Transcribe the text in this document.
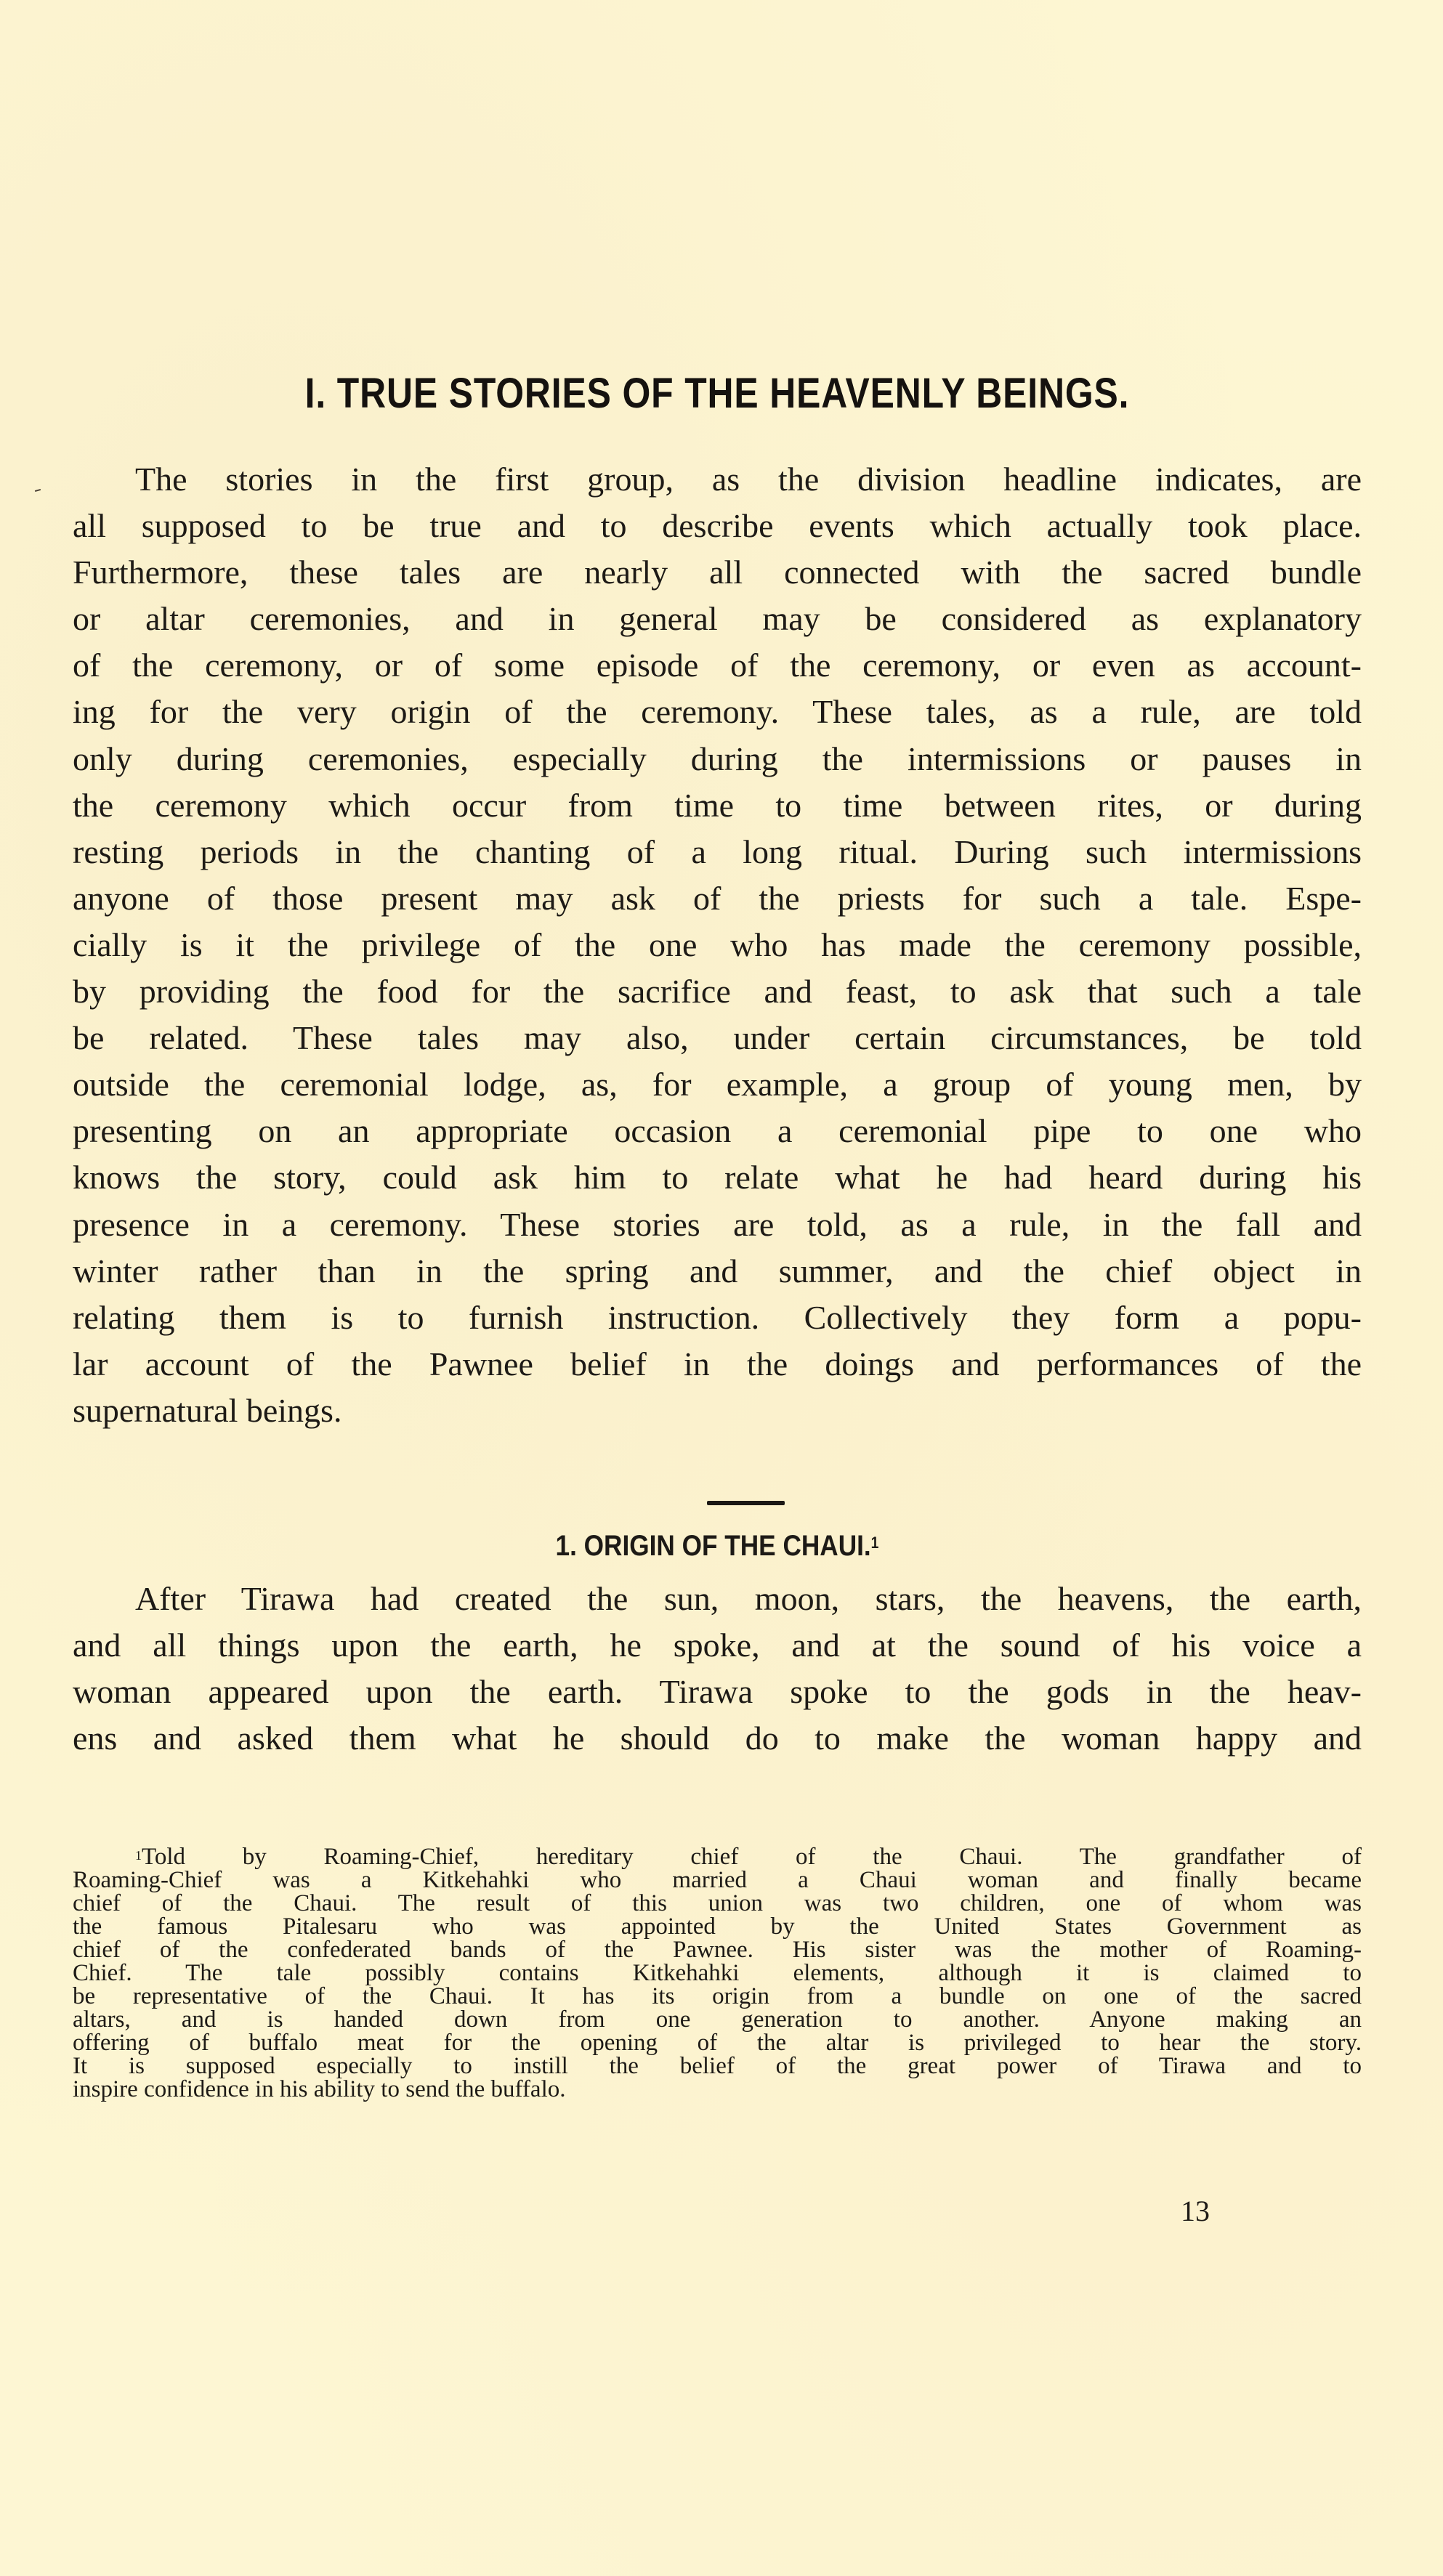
I. TRUE STORIES OF THE HEAVENLY BEINGS.
The stories in the first group, as the division headline indicates, are
all supposed to be true and to describe events which actually took place.
Furthermore, these tales are nearly all connected with the sacred bundle
or altar ceremonies, and in general may be considered as explanatory
of the ceremony, or of some episode of the ceremony, or even as account-
ing for the very origin of the ceremony. These tales, as a rule, are told
only during ceremonies, especially during the intermissions or pauses in
the ceremony which occur from time to time between rites, or during
resting periods in the chanting of a long ritual. During such intermissions
anyone of those present may ask of the priests for such a tale. Espe-
cially is it the privilege of the one who has made the ceremony possible,
by providing the food for the sacrifice and feast, to ask that such a tale
be related. These tales may also, under certain circumstances, be told
outside the ceremonial lodge, as, for example, a group of young men, by
presenting on an appropriate occasion a ceremonial pipe to one who
knows the story, could ask him to relate what he had heard during his
presence in a ceremony. These stories are told, as a rule, in the fall and
winter rather than in the spring and summer, and the chief object in
relating them is to furnish instruction. Collectively they form a popu-
lar account of the Pawnee belief in the doings and performances of the
supernatural beings.
1. ORIGIN OF THE CHAUI.$^1$
After Tirawa had created the sun, moon, stars, the heavens, the earth,
and all things upon the earth, he spoke, and at the sound of his voice a
woman appeared upon the earth. Tirawa spoke to the gods in the heav-
ens and asked them what he should do to make the woman happy and
$^1$Told by Roaming-Chief, hereditary chief of the Chaui. The grandfather of
Roaming-Chief was a Kitkehahki who married a Chaui woman and finally became
chief of the Chaui. The result of this union was two children, one of whom was
the famous Pitalesaru who was appointed by the United States Government as
chief of the confederated bands of the Pawnee. His sister was the mother of Roaming-
Chief. The tale possibly contains Kitkehahki elements, although it is claimed to
be representative of the Chaui. It has its origin from a bundle on one of the sacred
altars, and is handed down from one generation to another. Anyone making an
offering of buffalo meat for the opening of the altar is privileged to hear the story.
It is supposed especially to instill the belief of the great power of Tirawa and to
inspire confidence in his ability to send the buffalo.
13
